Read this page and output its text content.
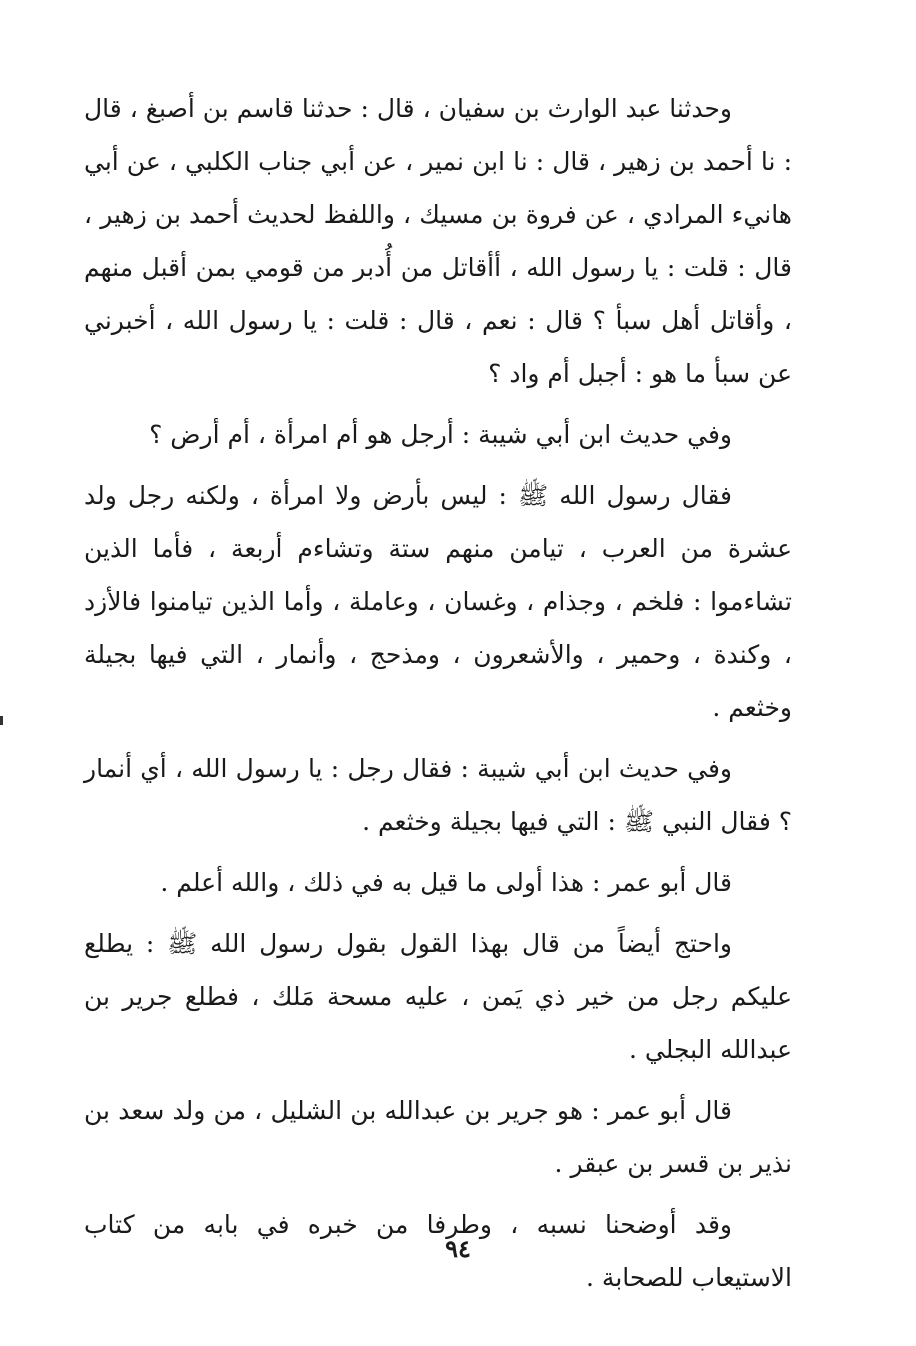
وحدثنا عبد الوارث بن سفيان ، قال : حدثنا قاسم بن أصبغ ، قال : نا أحمد بن زهير ، قال : نا ابن نمير ، عن أبي جناب الكلبي ، عن أبي هانيء المرادي ، عن فروة بن مسيك ، واللفظ لحديث أحمد بن زهير ، قال : قلت : يا رسول الله ، أأقاتل من أُدبر من قومي بمن أقبل منهم ، وأقاتل أهل سبأ ؟ قال : نعم ، قال : قلت : يا رسول الله ، أخبرني عن سبأ ما هو : أجبل أم واد ؟

وفي حديث ابن أبي شيبة : أرجل هو أم امرأة ، أم أرض ؟

فقال رسول الله ﷺ : ليس بأرض ولا امرأة ، ولكنه رجل ولد عشرة من العرب ، تيامن منهم ستة وتشاءم أربعة ، فأما الذين تشاءموا : فلخم ، وجذام ، وغسان ، وعاملة ، وأما الذين تيامنوا فالأزد ، وكندة ، وحمير ، والأشعرون ، ومذحج ، وأنمار ، التي فيها بجيلة وخثعم .

وفي حديث ابن أبي شيبة : فقال رجل : يا رسول الله ، أي أنمار ؟ فقال النبي ﷺ : التي فيها بجيلة وخثعم .

قال أبو عمر : هذا أولى ما قيل به في ذلك ، والله أعلم .

واحتج أيضاً من قال بهذا القول بقول رسول الله ﷺ : يطلع عليكم رجل من خير ذي يَمن ، عليه مسحة مَلك ، فطلع جرير بن عبدالله البجلي .

قال أبو عمر : هو جرير بن عبدالله بن الشليل ، من ولد سعد بن نذير بن قسر بن عبقر .

وقد أوضحنا نسبه ، وطرفا من خبره في بابه من كتاب الاستيعاب للصحابة .

٩٤
